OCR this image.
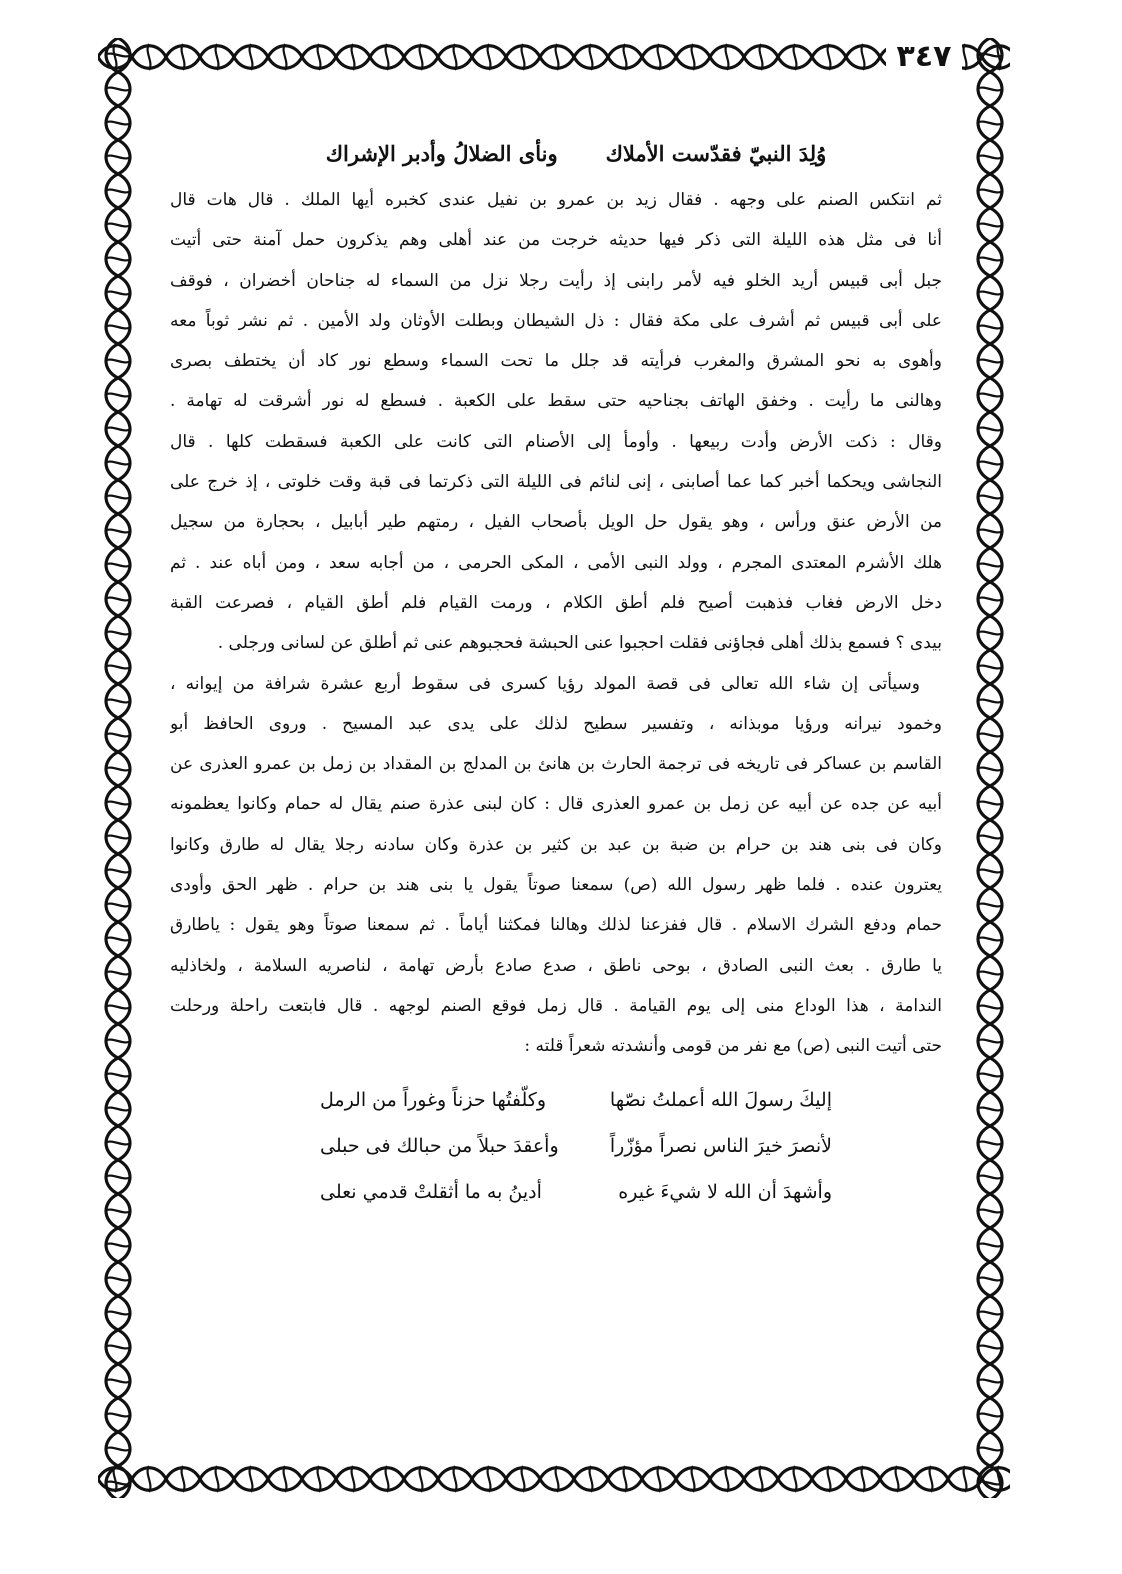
٣٤٧
وُلِدَ النبيّ فقدّست الأملاك
ونأى الضلالُ وأدبر الإشراك
ثم انتكس الصنم على وجهه . فقال زيد بن عمرو بن نفيل عندى كخبره أيها الملك . قال هات قال
أنا فى مثل هذه الليلة التى ذكر فيها حديثه خرجت من عند أهلى وهم يذكرون حمل آمنة حتى أتيت
جبل أبى قبيس أريد الخلو فيه لأمر رابنى إذ رأيت رجلا نزل من السماء له جناحان أخضران ، فوقف
على أبى قبيس ثم أشرف على مكة فقال : ذل الشيطان وبطلت الأوثان ولد الأمين . ثم نشر ثوباً معه
وأهوى به نحو المشرق والمغرب فرأيته قد جلل ما تحت السماء وسطع نور كاد أن يختطف بصرى
وهالنى ما رأيت . وخفق الهاتف بجناحيه حتى سقط على الكعبة . فسطع له نور أشرقت له تهامة .
وقال : ذكت الأرض وأدت ربيعها . وأومأ إلى الأصنام التى كانت على الكعبة فسقطت كلها . قال
النجاشى ويحكما أخبر كما عما أصابنى ، إنى لنائم فى الليلة التى ذكرتما فى قبة وقت خلوتى ، إذ خرج على
من الأرض عنق ورأس ، وهو يقول حل الويل بأصحاب الفيل ، رمتهم طير أبابيل ، بحجارة من سجيل
هلك الأشرم المعتدى المجرم ، وولد النبى الأمى ، المكى الحرمى ، من أجابه سعد ، ومن أباه عند . ثم
دخل الارض فغاب فذهبت أصيح فلم أطق الكلام ، ورمت القيام فلم أطق القيام ، فصرعت القبة
بيدى ؟ فسمع بذلك أهلى فجاؤنى فقلت احجبوا عنى الحبشة فحجبوهم عنى ثم أطلق عن لسانى ورجلى .
وسيأتى إن شاء الله تعالى فى قصة المولد رؤيا كسرى فى سقوط أربع عشرة شرافة من إيوانه ،
وخمود نيرانه ورؤيا موبذانه ، وتفسير سطيح لذلك على يدى عبد المسيح . وروى الحافظ أبو
القاسم بن عساكر فى تاريخه فى ترجمة الحارث بن هانئ بن المدلج بن المقداد بن زمل بن عمرو العذرى عن
أبيه عن جده عن أبيه عن زمل بن عمرو العذرى قال : كان لبنى عذرة صنم يقال له حمام وكانوا يعظمونه
وكان فى بنى هند بن حرام بن ضبة بن عبد بن كثير بن عذرة وكان سادنه رجلا يقال له طارق وكانوا
يعترون عنده . فلما ظهر رسول الله (ص) سمعنا صوتاً يقول يا بنى هند بن حرام . ظهر الحق وأودى
حمام ودفع الشرك الاسلام . قال ففزعنا لذلك وهالنا فمكثنا أياماً . ثم سمعنا صوتاً وهو يقول : ياطارق
يا طارق . بعث النبى الصادق ، بوحى ناطق ، صدع صادع بأرض تهامة ، لناصريه السلامة ، ولخاذليه
الندامة ، هذا الوداع منى إلى يوم القيامة . قال زمل فوقع الصنم لوجهه . قال فابتعت راحلة ورحلت
حتى أتيت النبى (ص) مع نفر من قومى وأنشدته شعراً قلته :
إليكَ رسولَ الله أعملتُ نصّها
وكلّفتُها حزناً وغوراً من الرمل
لأنصرَ خيرَ الناس نصراً مؤزّراً
وأعقدَ حبلاً من حبالك فى حبلى
وأشهدَ أن الله لا شيءَ غيره
أدينُ به ما أثقلتْ قدمي نعلى
